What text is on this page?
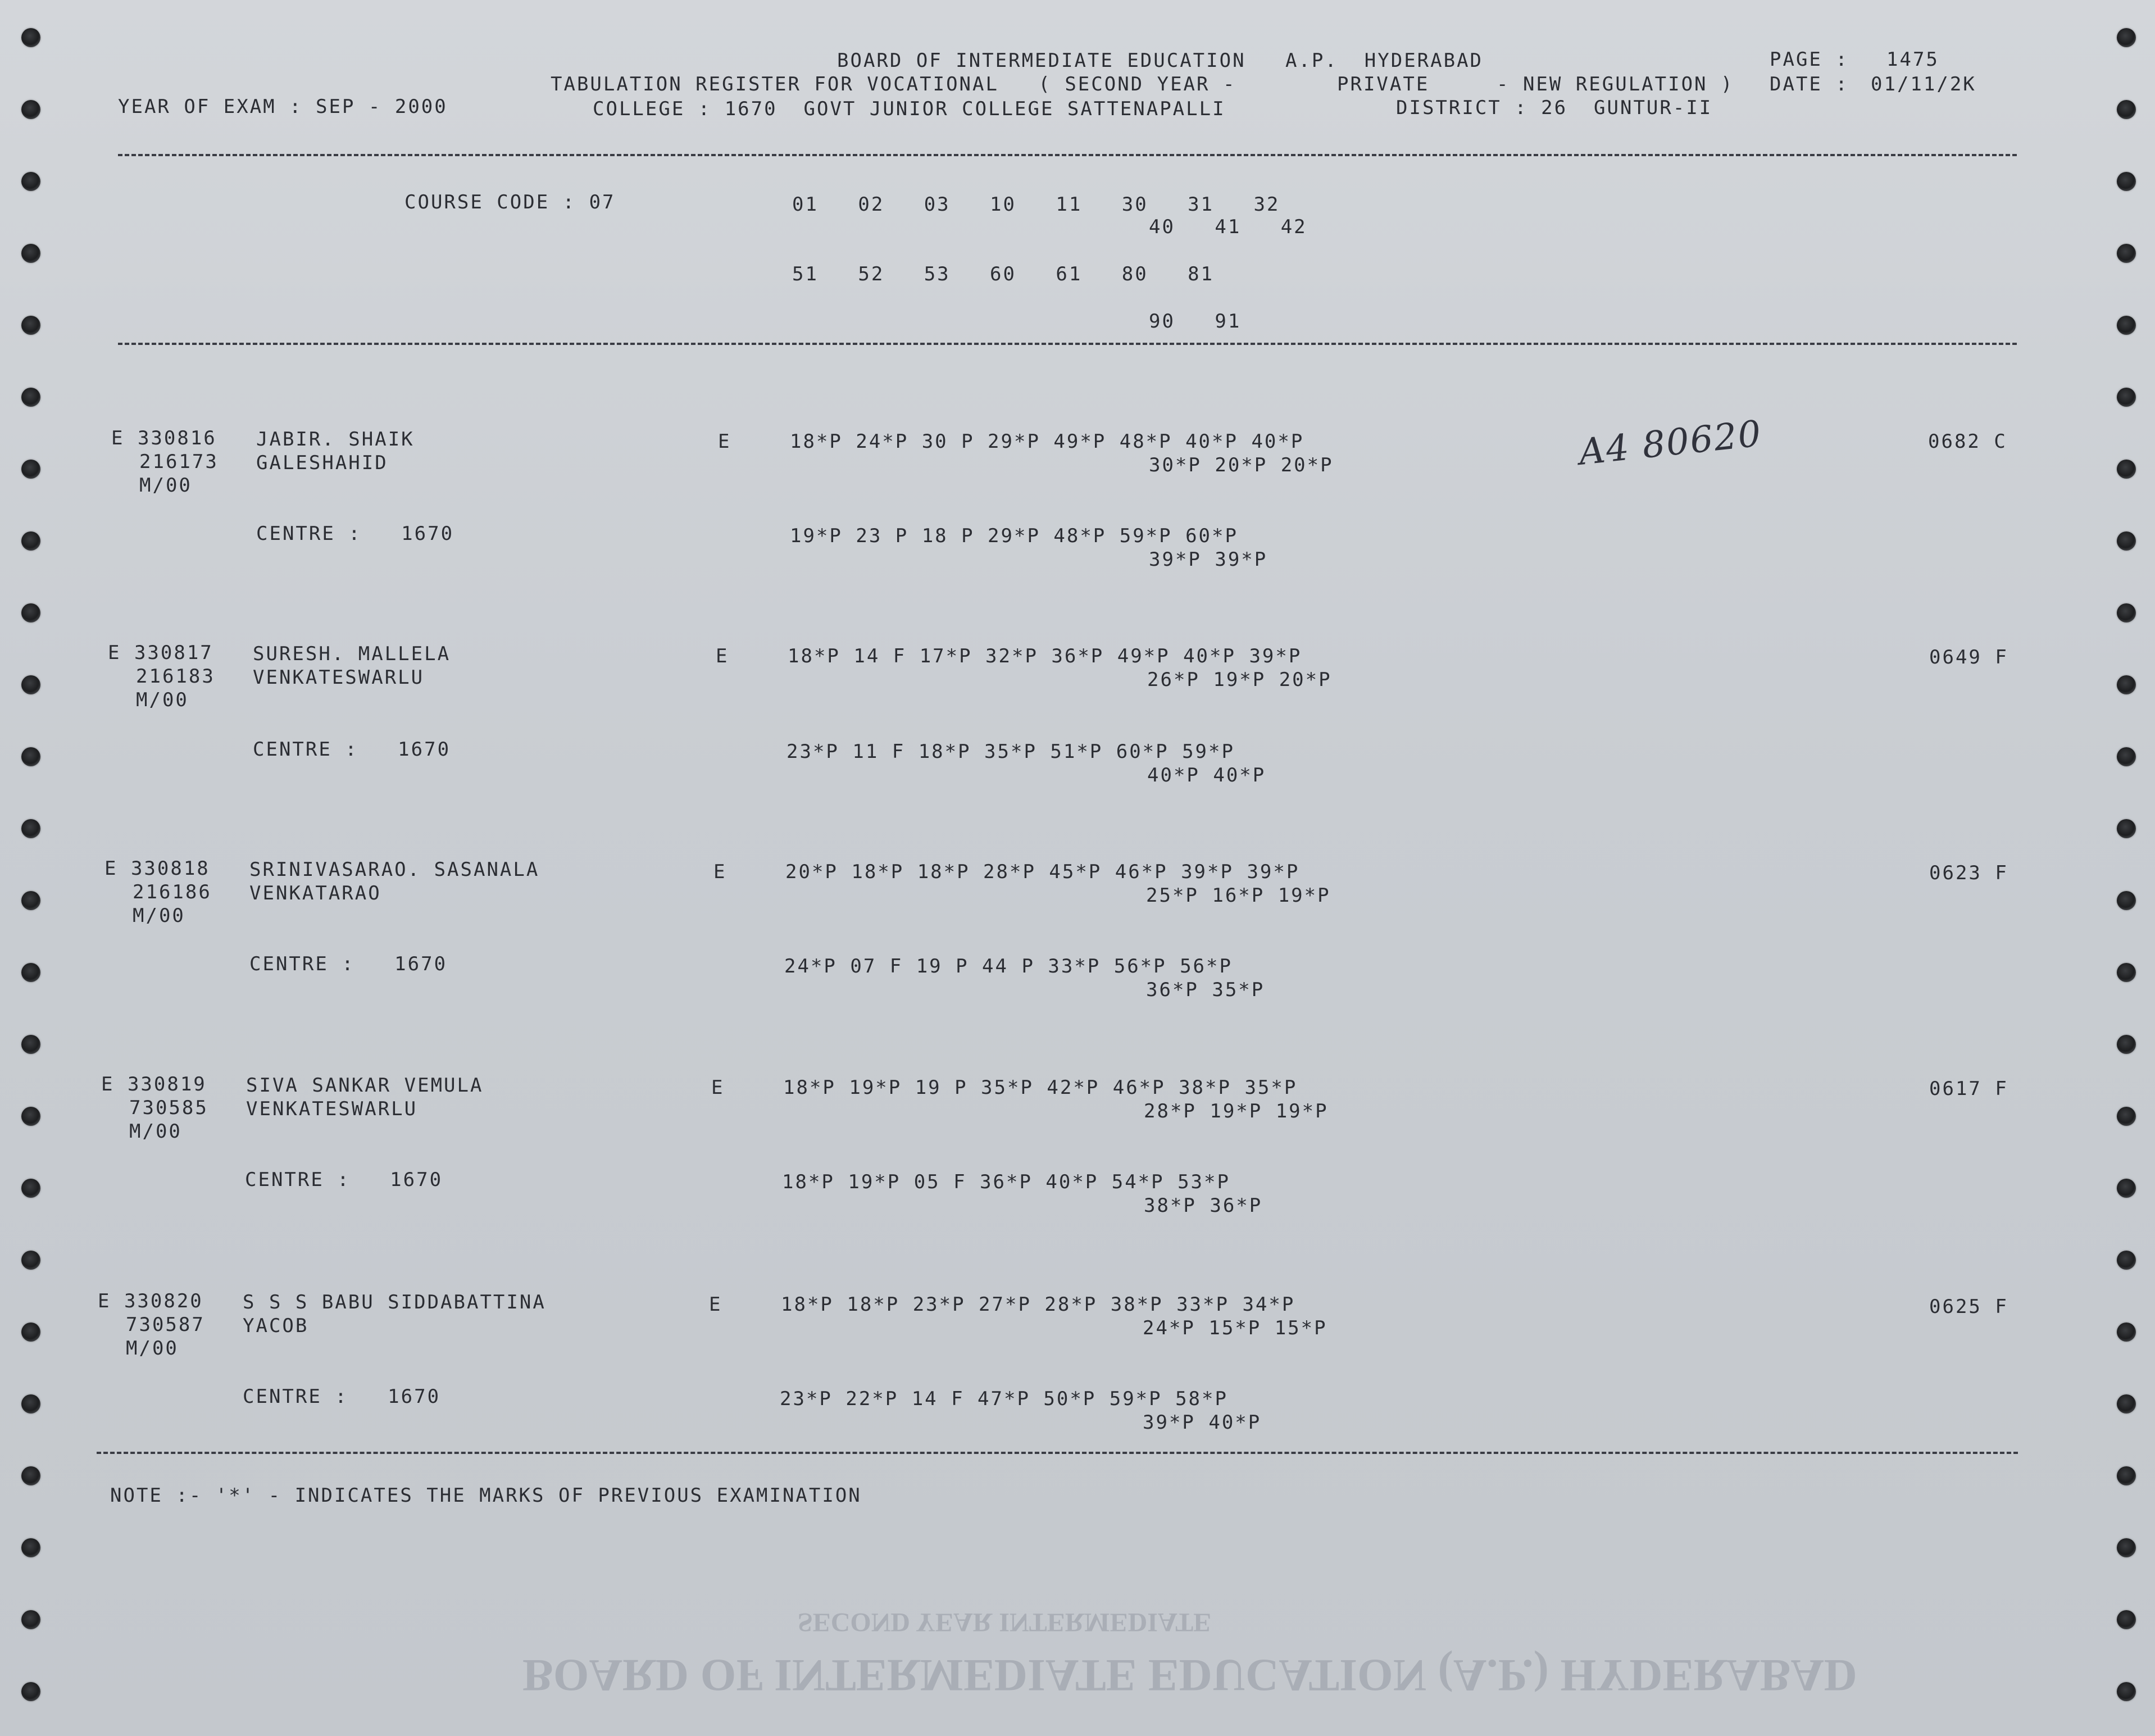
SECOND YEAR INTERMEDIATE
BOARD OF INTERMEDIATE EDUCATION (A.P.) HYDERABAD
BOARD OF INTERMEDIATE EDUCATION   A.P.  HYDERABAD	PAGE : 1475
TABULATION REGISTER FOR VOCATIONAL   ( SECOND YEAR -	PRIVATE	- NEW REGULATION ) DATE : 01/11/2K
YEAR OF EXAM : SEP - 2000	COLLEGE : 1670  GOVT JUNIOR COLLEGE SATTENAPALLI	DISTRICT : 26  GUNTUR-II
COURSE CODE : 07	01   02   03   10   11   30   31   32
40   41   42
51   52   53   60   61   80   81
90   91
E 330816
216173
M/00
JABIR. SHAIK
GALESHAHID
E	18*P 24*P 30 P 29*P 49*P 48*P 40*P 40*P
30*P 20*P 20*P
CENTRE :   1670	19*P 23 P 18 P 29*P 48*P 59*P 60*P
39*P 39*P
0682 C
A4 80620
E 330817
216183
M/00
SURESH. MALLELA
VENKATESWARLU
E	18*P 14 F 17*P 32*P 36*P 49*P 40*P 39*P
26*P 19*P 20*P
CENTRE :   1670	23*P 11 F 18*P 35*P 51*P 60*P 59*P
40*P 40*P
0649 F
E 330818
216186
M/00
SRINIVASARAO. SASANALA
VENKATARAO
E	20*P 18*P 18*P 28*P 45*P 46*P 39*P 39*P
25*P 16*P 19*P
CENTRE :   1670	24*P 07 F 19 P 44 P 33*P 56*P 56*P
36*P 35*P
0623 F
E 330819
730585
M/00
SIVA SANKAR VEMULA
VENKATESWARLU
E	18*P 19*P 19 P 35*P 42*P 46*P 38*P 35*P
28*P 19*P 19*P
CENTRE :   1670	18*P 19*P 05 F 36*P 40*P 54*P 53*P
38*P 36*P
0617 F
E 330820
730587
M/00
S S S BABU SIDDABATTINA
YACOB
E	18*P 18*P 23*P 27*P 28*P 38*P 33*P 34*P
24*P 15*P 15*P
CENTRE :   1670	23*P 22*P 14 F 47*P 50*P 59*P 58*P
39*P 40*P
0625 F
NOTE :- '*' - INDICATES THE MARKS OF PREVIOUS EXAMINATION
